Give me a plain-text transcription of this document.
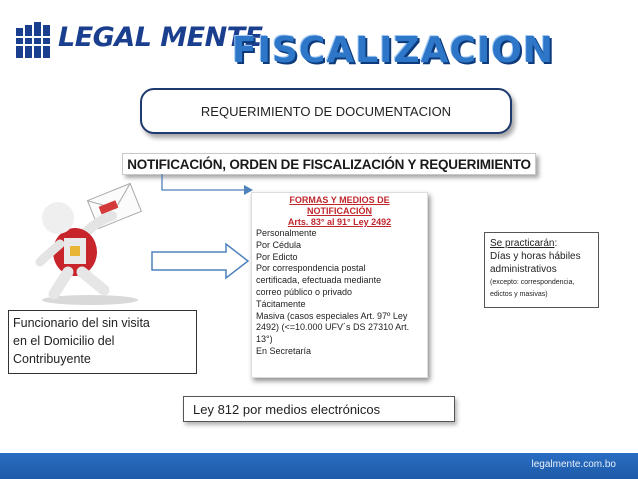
LEGAL MENTE
FISCALIZACION
REQUERIMIENTO DE DOCUMENTACION
NOTIFICACIÓN, ORDEN DE FISCALIZACIÓN Y REQUERIMIENTO
FORMAS Y MEDIOS DE
NOTIFICACIÓN
Arts. 83° al 91° Ley 2492
Personalmente
Por Cédula
Por Edicto
Por correspondencia postal
certificada, efectuada mediante
correo público o privado
Tácitamente
Masiva (casos especiales Art. 97º Ley
2492) (<=10.000 UFV´s DS 27310 Art.
13°)
En Secretaría
Se practicarán:
Días y horas hábiles
administrativos
(excepto: correspondencia,
edictos y masivas)
Funcionario del sin visita
en el Domicilio del
Contribuyente
Ley 812 por medios electrónicos
legalmente.com.bo
